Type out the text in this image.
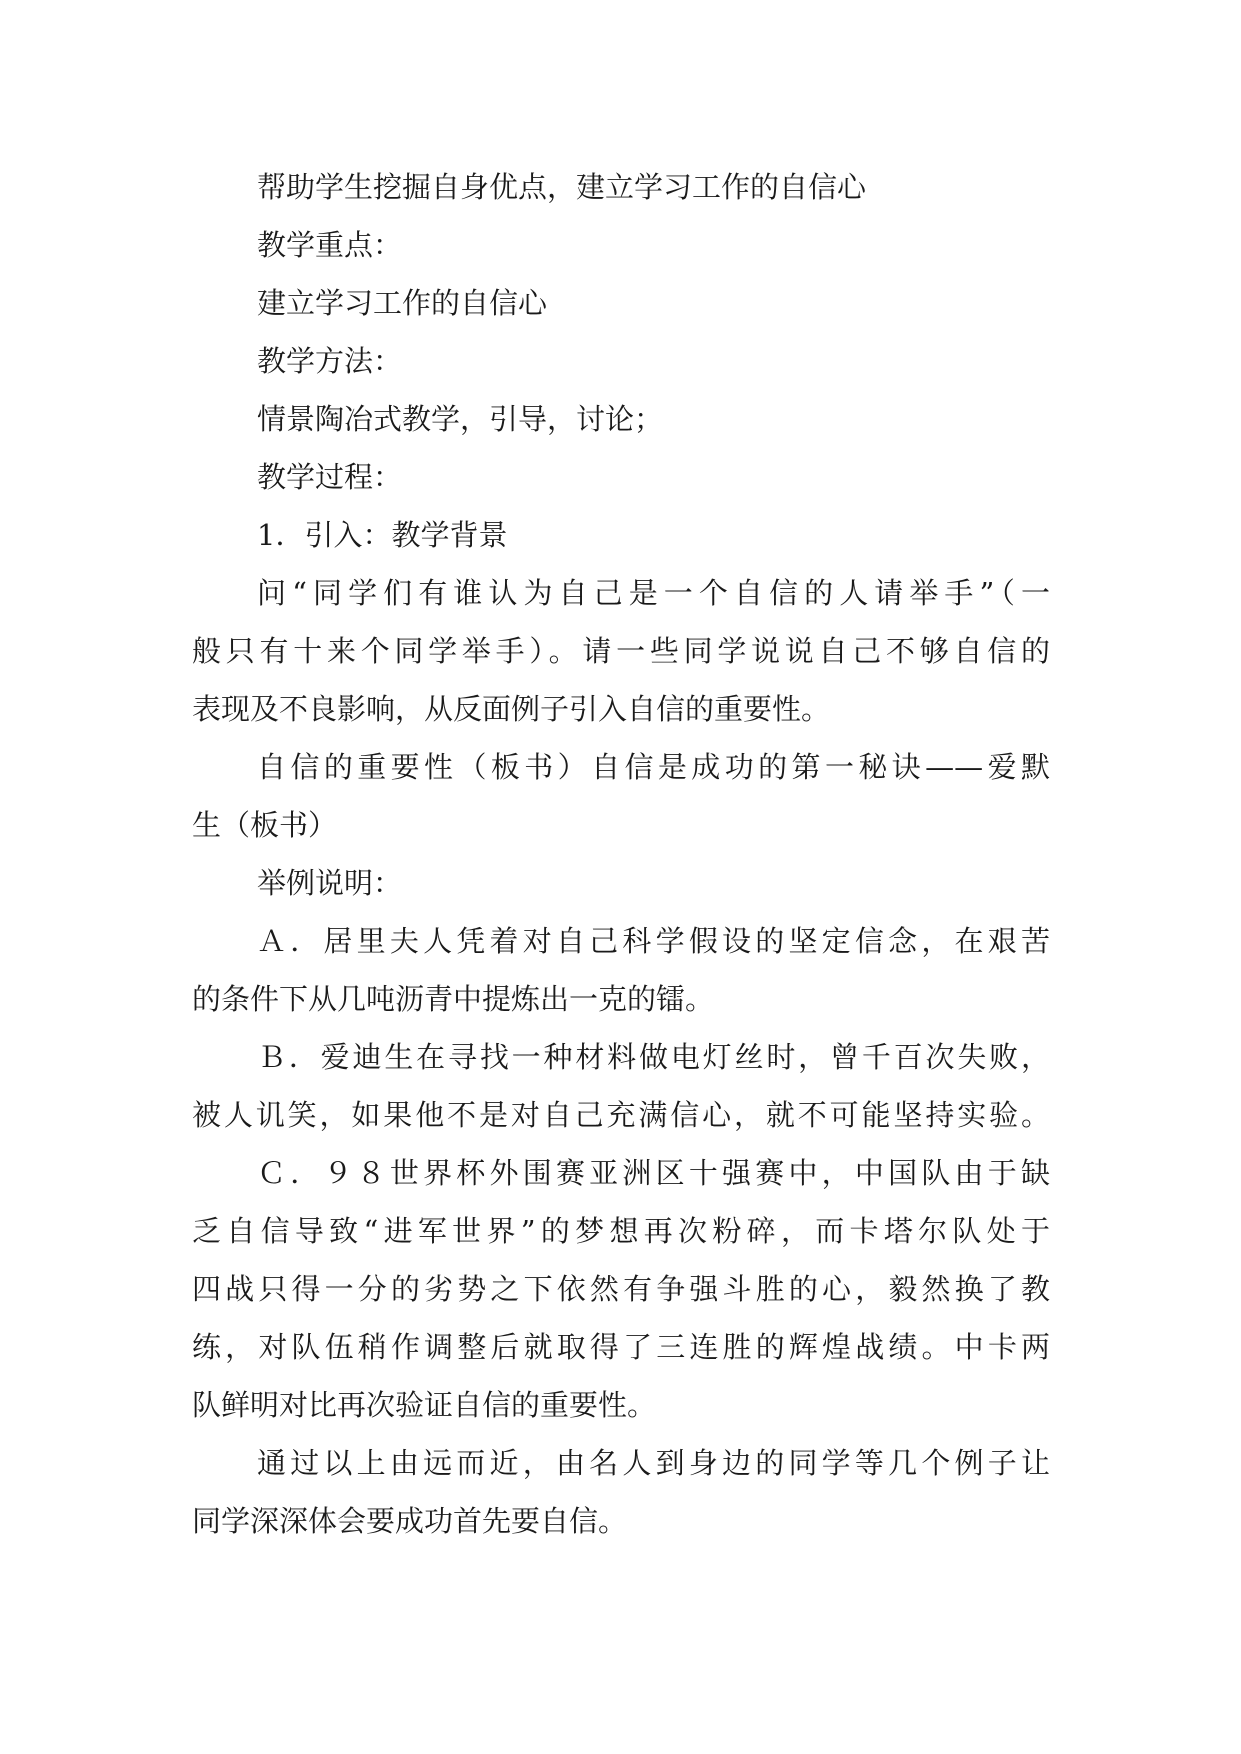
帮助学生挖掘自身优点，建立学习工作的自信心
教学重点：
建立学习工作的自信心
教学方法：
情景陶冶式教学，引导，讨论；
教学过程：
1．引入：教学背景
问“同学们有谁认为自己是一个自信的人请举手”（一
般只有十来个同学举手）。请一些同学说说自己不够自信的
表现及不良影响，从反面例子引入自信的重要性。
自信的重要性（板书）自信是成功的第一秘诀——爱默
生（板书）
举例说明：
Ａ．居里夫人凭着对自己科学假设的坚定信念，在艰苦
的条件下从几吨沥青中提炼出一克的镭。
Ｂ．爱迪生在寻找一种材料做电灯丝时，曾千百次失败，
被人讥笑，如果他不是对自己充满信心，就不可能坚持实验。
Ｃ．９８世界杯外围赛亚洲区十强赛中，中国队由于缺
乏自信导致“进军世界”的梦想再次粉碎，而卡塔尔队处于
四战只得一分的劣势之下依然有争强斗胜的心，毅然换了教
练，对队伍稍作调整后就取得了三连胜的辉煌战绩。中卡两
队鲜明对比再次验证自信的重要性。
通过以上由远而近，由名人到身边的同学等几个例子让
同学深深体会要成功首先要自信。
